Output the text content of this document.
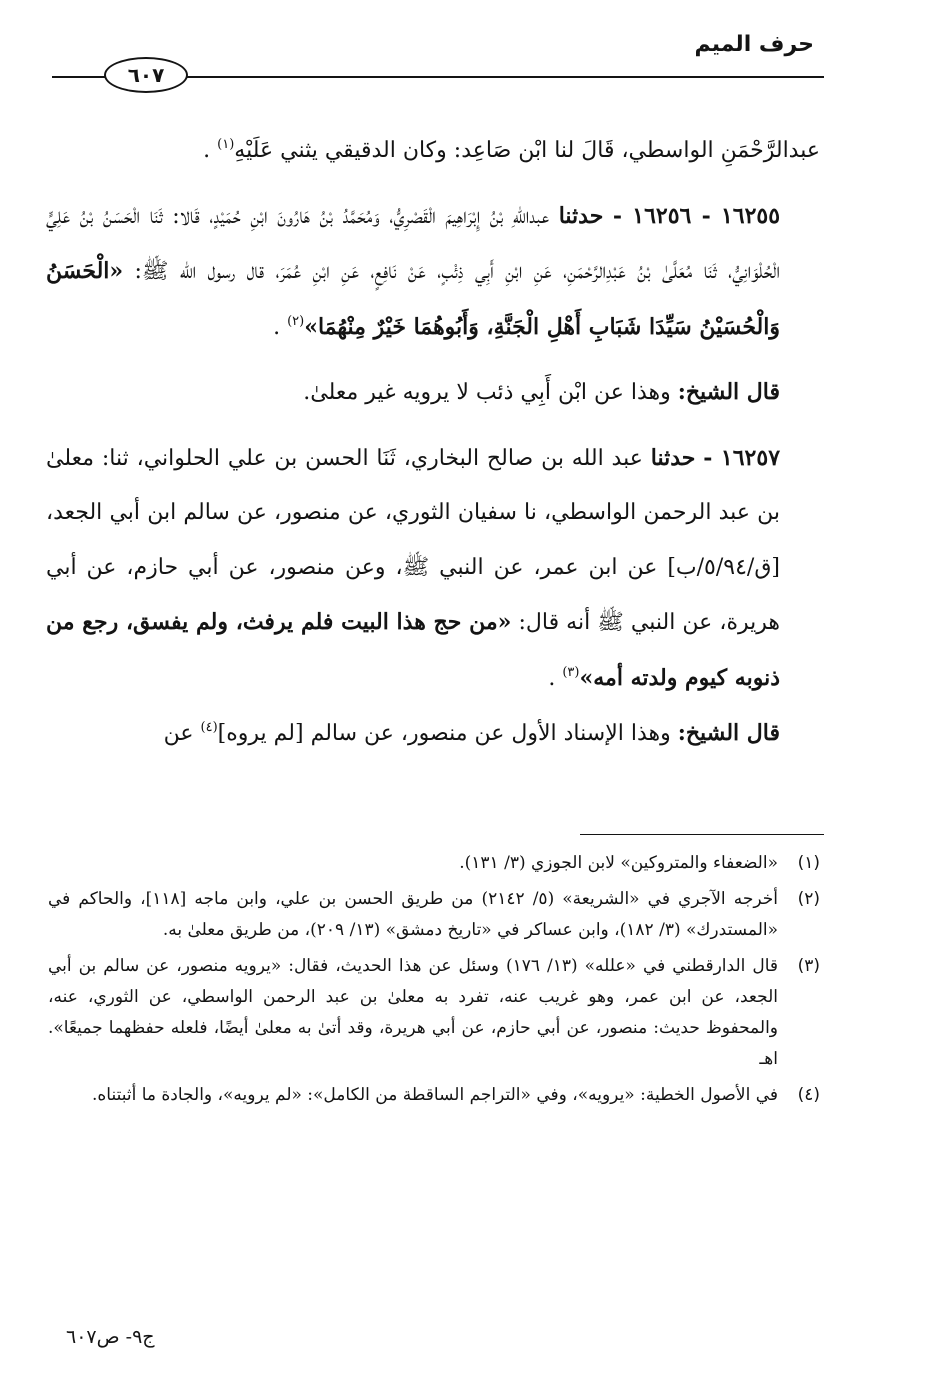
حرف الميم
٦٠٧

عبدالرَّحْمَنِ الواسطي، قَالَ لنا ابْن صَاعِد: وكان الدقيقي يثني عَلَيْهِ$^{(١)}$ .

١٦٢٥٥ - ١٦٢٥٦ - حدثنا عبداللهِ بْنُ إِبْرَاهِيمَ الْقَصْرِيُّ، وَمُحَمَّدُ بْنُ هَارُونَ ابْنِ حُمَيْدٍ، قَالا: ثَنَا الْحَسَنُ بْنُ عَلِيٍّ الْحُلْوَانِيُّ، ثَنَا مُعَلَّىٰ بْنُ عَبْدِالرَّحْمَنِ، عَنِ ابْنِ أَبِي ذِئْبٍ، عَنْ نَافِعٍ، عَنِ ابْنِ عُمَرَ، قال رسول الله ﷺ: «الْحَسَنُ وَالْحُسَيْنُ سَيِّدَا شَبَابِ أَهْلِ الْجَنَّةِ، وَأَبُوهُمَا خَيْرٌ مِنْهُمَا»$^{(٢)}$ .

قال الشيخ: وهذا عن ابْن أَبِي ذئب لا يرويه غير معلىٰ.

١٦٢٥٧ - حدثنا عبد الله بن صالح البخاري، ثَنَا الحسن بن علي الحلواني، ثنا: معلىٰ بن عبد الرحمن الواسطي، نا سفيان الثوري، عن منصور، عن سالم ابن أبي الجعد، [ق/٥/٩٤/ب] عن ابن عمر، عن النبي ﷺ، وعن منصور، عن أبي حازم، عن أبي هريرة، عن النبي ﷺ أنه قال: «من حج هذا البيت فلم يرفث، ولم يفسق، رجع من ذنوبه كيوم ولدته أمه»$^{(٣)}$ .

قال الشيخ: وهذا الإسناد الأول عن منصور، عن سالم [لم يروه]$^{(٤)}$ عن

(١)
«الضعفاء والمتروكين» لابن الجوزي (٣/ ١٣١).
(٢)
أخرجه الآجري في «الشريعة» (٥/ ٢١٤٢) من طريق الحسن بن علي، وابن ماجه [١١٨]، والحاكم في «المستدرك» (٣/ ١٨٢)، وابن عساكر في «تاريخ دمشق» (١٣/ ٢٠٩)، من طريق معلىٰ به.
(٣)
قال الدارقطني في «علله» (١٣/ ١٧٦) وسئل عن هذا الحديث، فقال: «يرويه منصور، عن سالم بن أبي الجعد، عن ابن عمر، وهو غريب عنه، تفرد به معلىٰ بن عبد الرحمن الواسطي، عن الثوري، عنه، والمحفوظ حديث: منصور، عن أبي حازم، عن أبي هريرة، وقد أتىٰ به معلىٰ أيضًا، فلعله حفظهما جميعًا». اهـ
(٤)
في الأصول الخطية: «يرويه»، وفي «التراجم الساقطة من الكامل»: «لم يرويه»، والجادة ما أثبتناه.
ج٩- ص٦٠٧
